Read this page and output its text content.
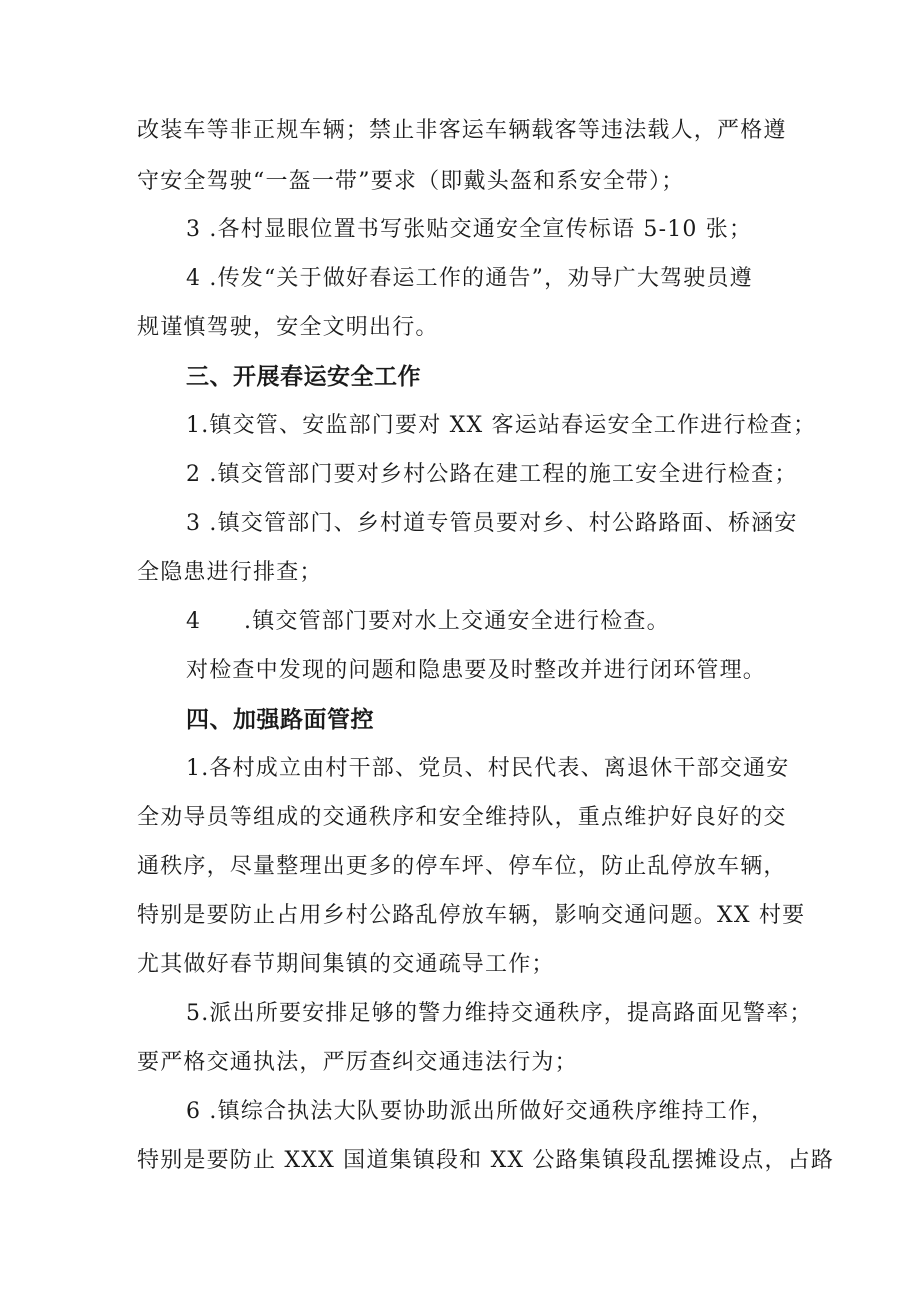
改装车等非正规车辆；禁止非客运车辆载客等违法载人，严格遵
守安全驾驶“一盔一带”要求（即戴头盔和系安全带）；
3 .各村显眼位置书写张贴交通安全宣传标语 5-10 张；
4 .传发“关于做好春运工作的通告”，劝导广大驾驶员遵
规谨慎驾驶，安全文明出行。
三、开展春运安全工作
1.镇交管、安监部门要对 XX 客运站春运安全工作进行检查；
2 .镇交管部门要对乡村公路在建工程的施工安全进行检查；
3 .镇交管部门、乡村道专管员要对乡、村公路路面、桥涵安
全隐患进行排查；
4 .镇交管部门要对水上交通安全进行检查。
对检查中发现的问题和隐患要及时整改并进行闭环管理。
四、加强路面管控
1.各村成立由村干部、党员、村民代表、离退休干部交通安
全劝导员等组成的交通秩序和安全维持队，重点维护好良好的交
通秩序，尽量整理出更多的停车坪、停车位，防止乱停放车辆，
特别是要防止占用乡村公路乱停放车辆，影响交通问题。XX 村要
尤其做好春节期间集镇的交通疏导工作；
5.派出所要安排足够的警力维持交通秩序，提高路面见警率；
要严格交通执法，严厉查纠交通违法行为；
6 .镇综合执法大队要协助派出所做好交通秩序维持工作，
特别是要防止 XXX 国道集镇段和 XX 公路集镇段乱摆摊设点，占路
